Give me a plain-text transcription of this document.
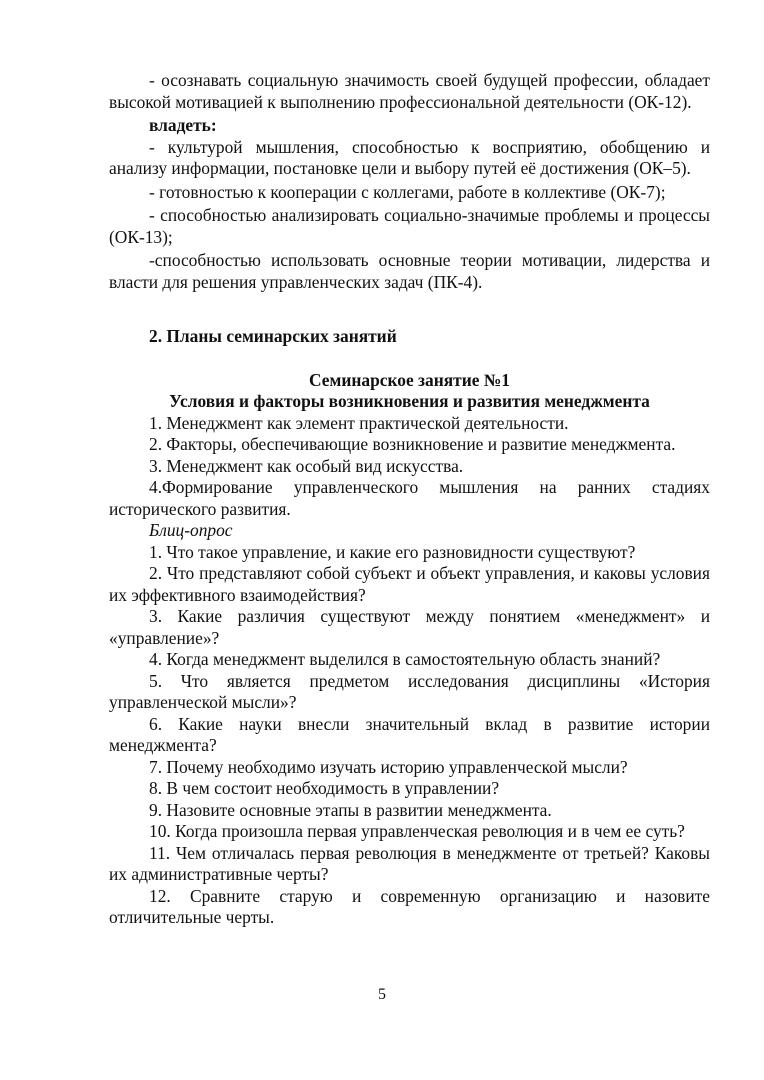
- осознавать социальную значимость своей будущей профессии, обладает высокой мотивацией к выполнению профессиональной деятельности (ОК-12).

владеть:

- культурой мышления, способностью к восприятию, обобщению и анализу информации, постановке цели и выбору путей её достижения (ОК–5).

- готовностью к кооперации с коллегами, работе в коллективе (ОК-7);

- способностью анализировать социально-значимые проблемы и процессы (ОК-13);

-способностью использовать основные теории мотивации, лидерства и власти для решения управленческих задач (ПК-4).

2. Планы семинарских занятий

Семинарское занятие №1

Условия и факторы возникновения и развития менеджмента

1. Менеджмент как элемент практической деятельности.

2. Факторы, обеспечивающие возникновение и развитие менеджмента.

3. Менеджмент как особый вид искусства.

4.Формирование управленческого мышления на ранних стадиях исторического развития.

Блиц-опрос

1. Что такое управление, и какие его разновидности существуют?

2. Что представляют собой субъект и объект управления, и каковы условия их эффективного взаимодействия?

3. Какие различия существуют между понятием «менеджмент» и «управление»?

4. Когда менеджмент выделился в самостоятельную область знаний?

5. Что является предметом исследования дисциплины «История управленческой мысли»?

6. Какие науки внесли значительный вклад в развитие истории менеджмента?

7. Почему необходимо изучать историю управленческой мысли?

8. В чем состоит необходимость в управлении?

9. Назовите основные этапы в развитии менеджмента.

10. Когда произошла первая управленческая революция и в чем ее суть?

11. Чем отличалась первая революция в менеджменте от третьей? Каковы их административные черты?

12. Сравните старую и современную организацию и назовите отличительные черты.

5
